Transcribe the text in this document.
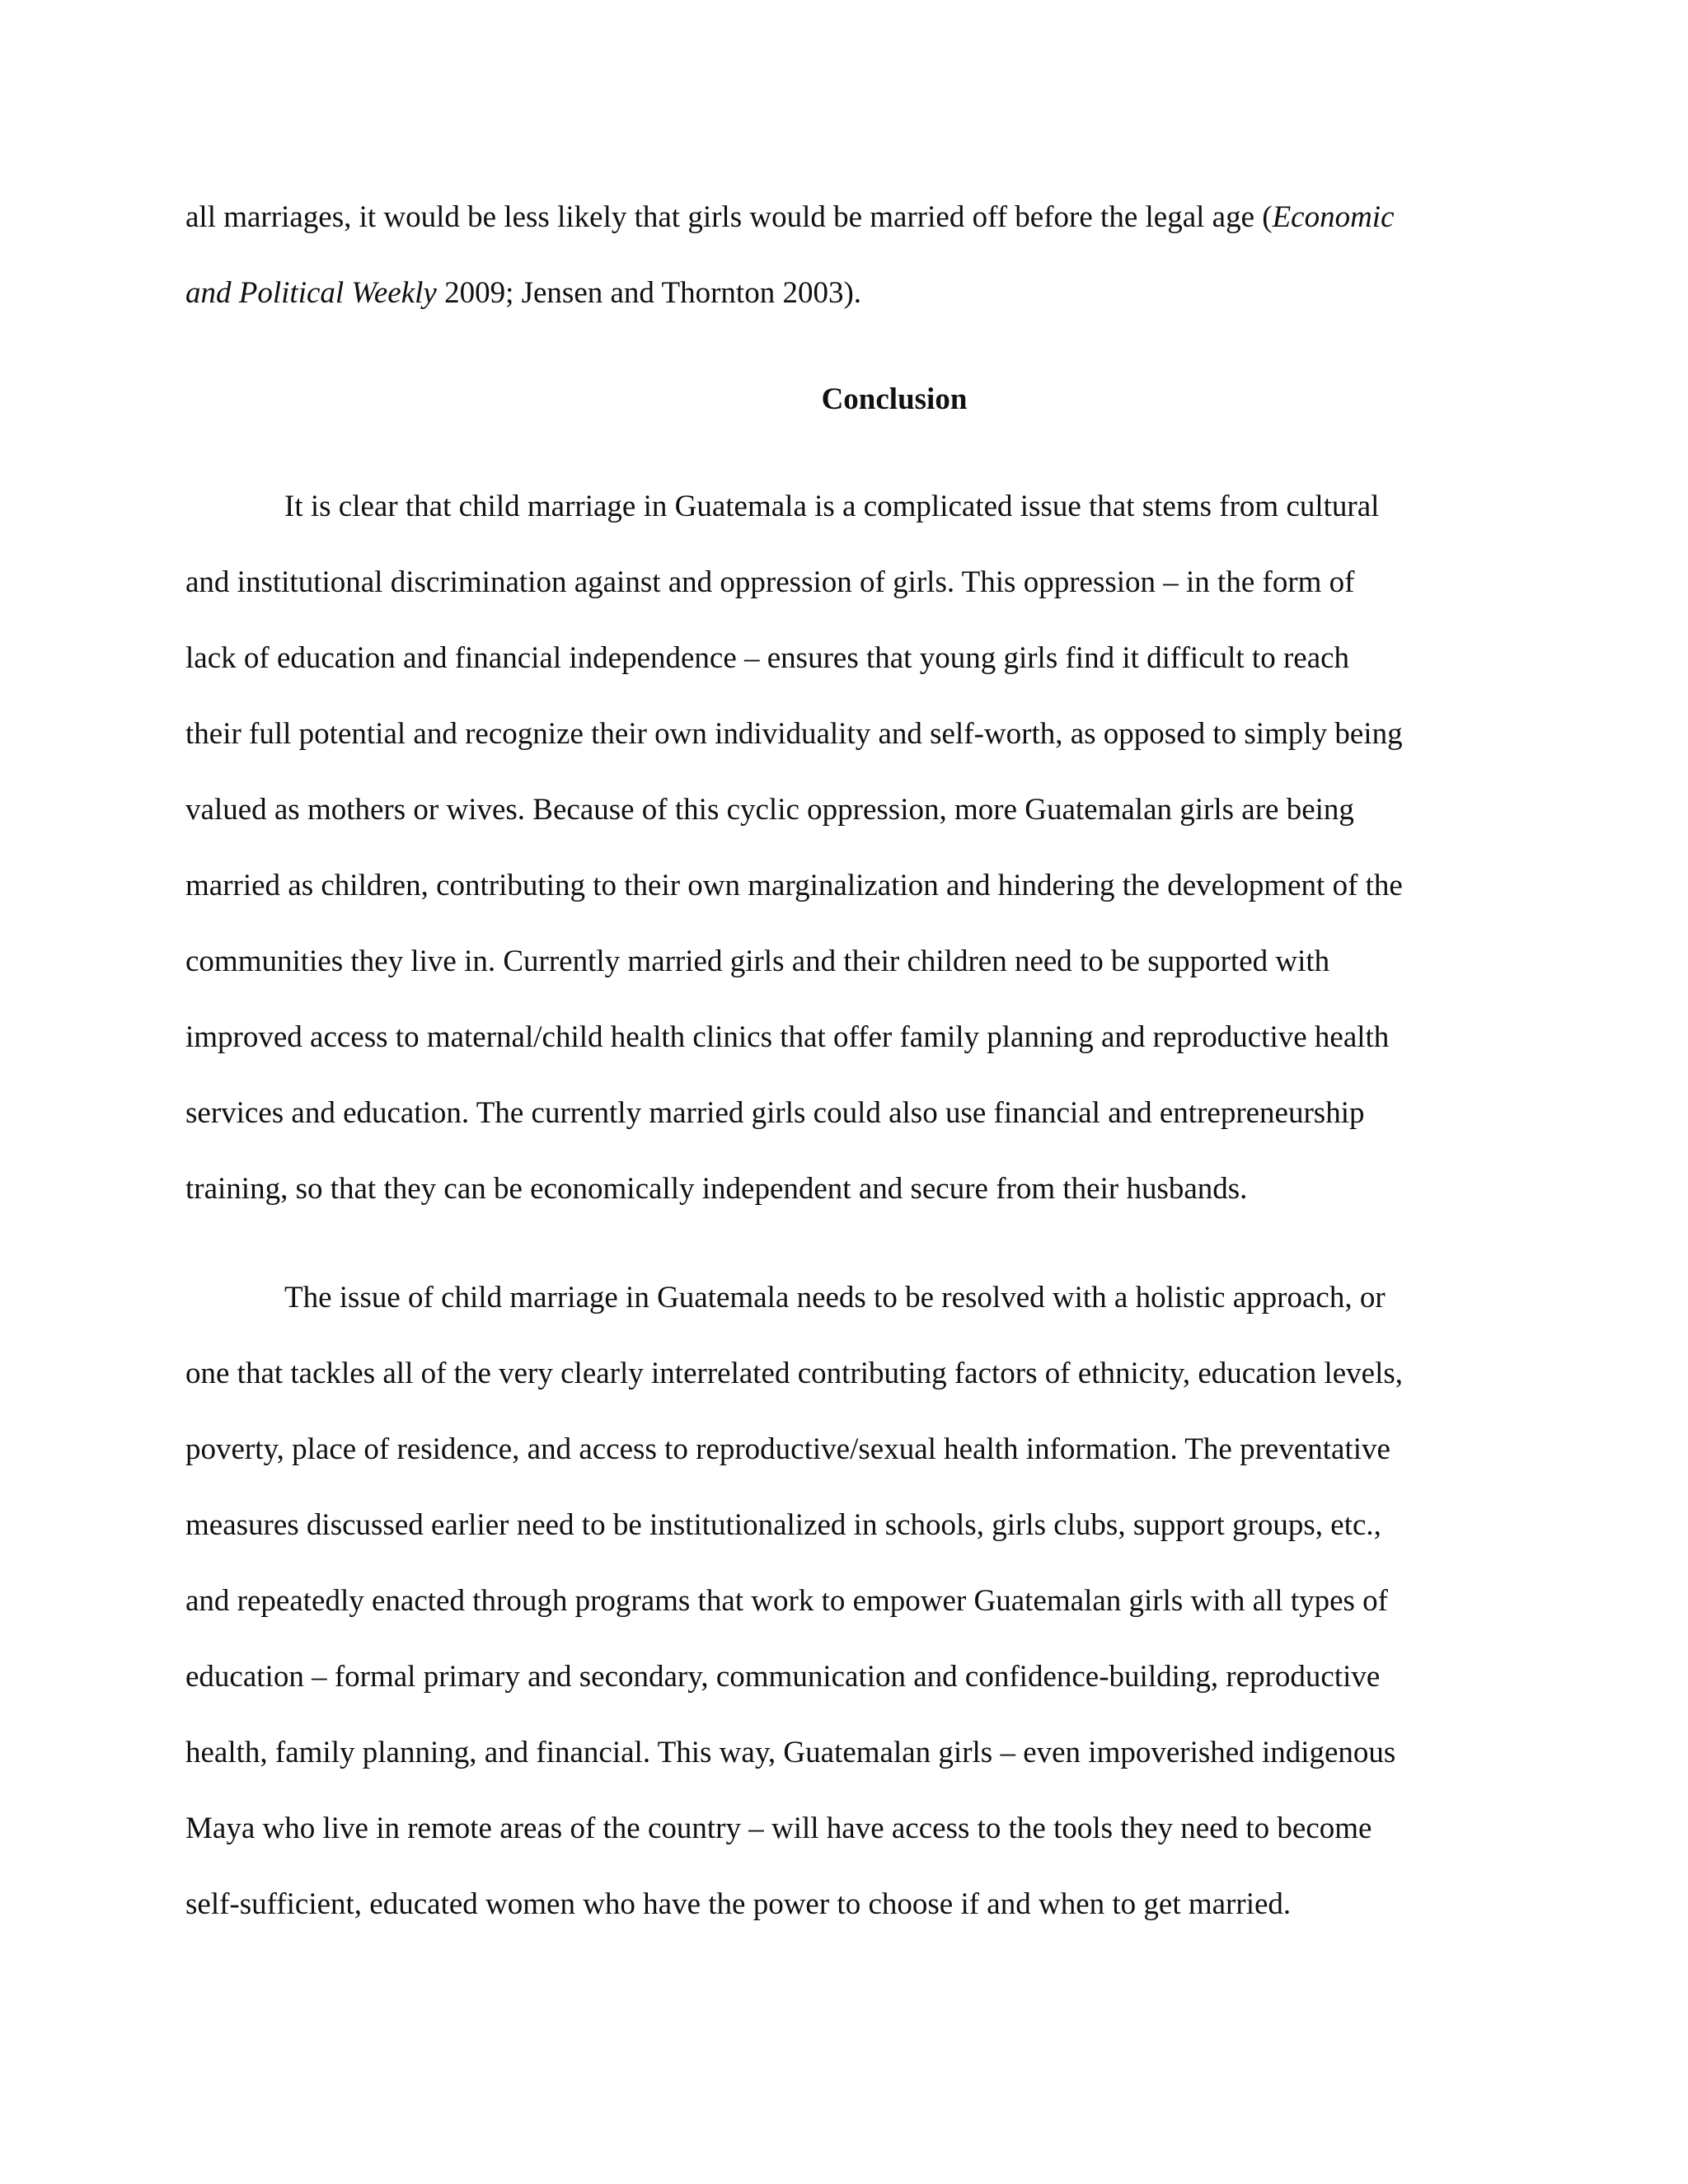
all marriages, it would be less likely that girls would be married off before the legal age (Economic

and Political Weekly 2009; Jensen and Thornton 2003).

Conclusion

It is clear that child marriage in Guatemala is a complicated issue that stems from cultural

and institutional discrimination against and oppression of girls. This oppression – in the form of

lack of education and financial independence – ensures that young girls find it difficult to reach

their full potential and recognize their own individuality and self-worth, as opposed to simply being

valued as mothers or wives. Because of this cyclic oppression, more Guatemalan girls are being

married as children, contributing to their own marginalization and hindering the development of the

communities they live in. Currently married girls and their children need to be supported with

improved access to maternal/child health clinics that offer family planning and reproductive health

services and education. The currently married girls could also use financial and entrepreneurship

training, so that they can be economically independent and secure from their husbands.

The issue of child marriage in Guatemala needs to be resolved with a holistic approach, or

one that tackles all of the very clearly interrelated contributing factors of ethnicity, education levels,

poverty, place of residence, and access to reproductive/sexual health information. The preventative

measures discussed earlier need to be institutionalized in schools, girls clubs, support groups, etc.,

and repeatedly enacted through programs that work to empower Guatemalan girls with all types of

education – formal primary and secondary, communication and confidence-building, reproductive

health, family planning, and financial. This way, Guatemalan girls – even impoverished indigenous

Maya who live in remote areas of the country – will have access to the tools they need to become

self-sufficient, educated women who have the power to choose if and when to get married.
